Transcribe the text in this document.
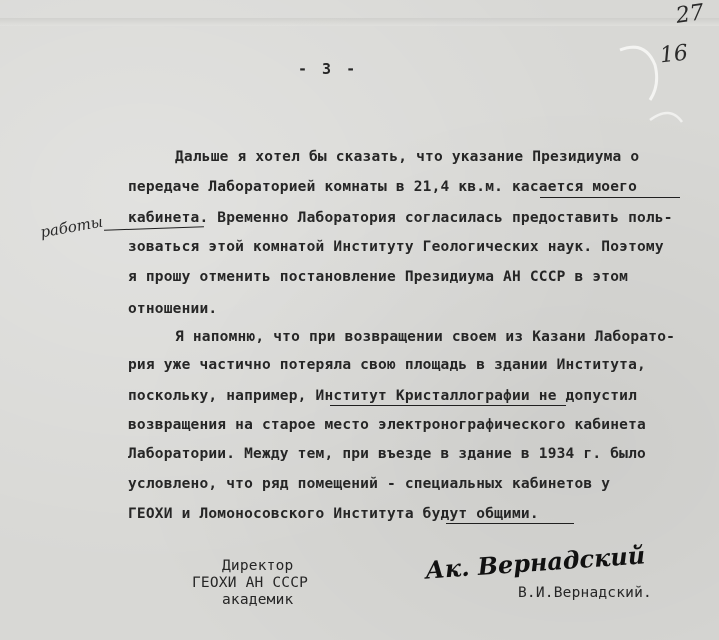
27
16
- 3 -
Дальше я хотел бы сказать, что указание Президиума о
передаче Лабораторией комнаты в 21,4 кв.м. касается моего
кабинета. Временно Лаборатория согласилась предоставить поль-
зоваться этой комнатой Институту Геологических наук. Поэтому
я прошу отменить постановление Президиума АН СССР в этом
отношении.
Я напомню, что при возвращении своем из Казани Лаборато-
рия уже частично потеряла свою площадь в здании Института,
поскольку, например, Институт Кристаллографии не допустил
возвращения на старое место электронографического кабинета
Лаборатории. Между тем, при въезде в здание в 1934 г. было
условлено, что ряд помещений - специальных кабинетов у
ГЕОХИ и Ломоносовского Института будут общими.
работы
Директор
ГЕОХИ АН СССР
академик
Ак. Вернадский
В.И.Вернадский.
